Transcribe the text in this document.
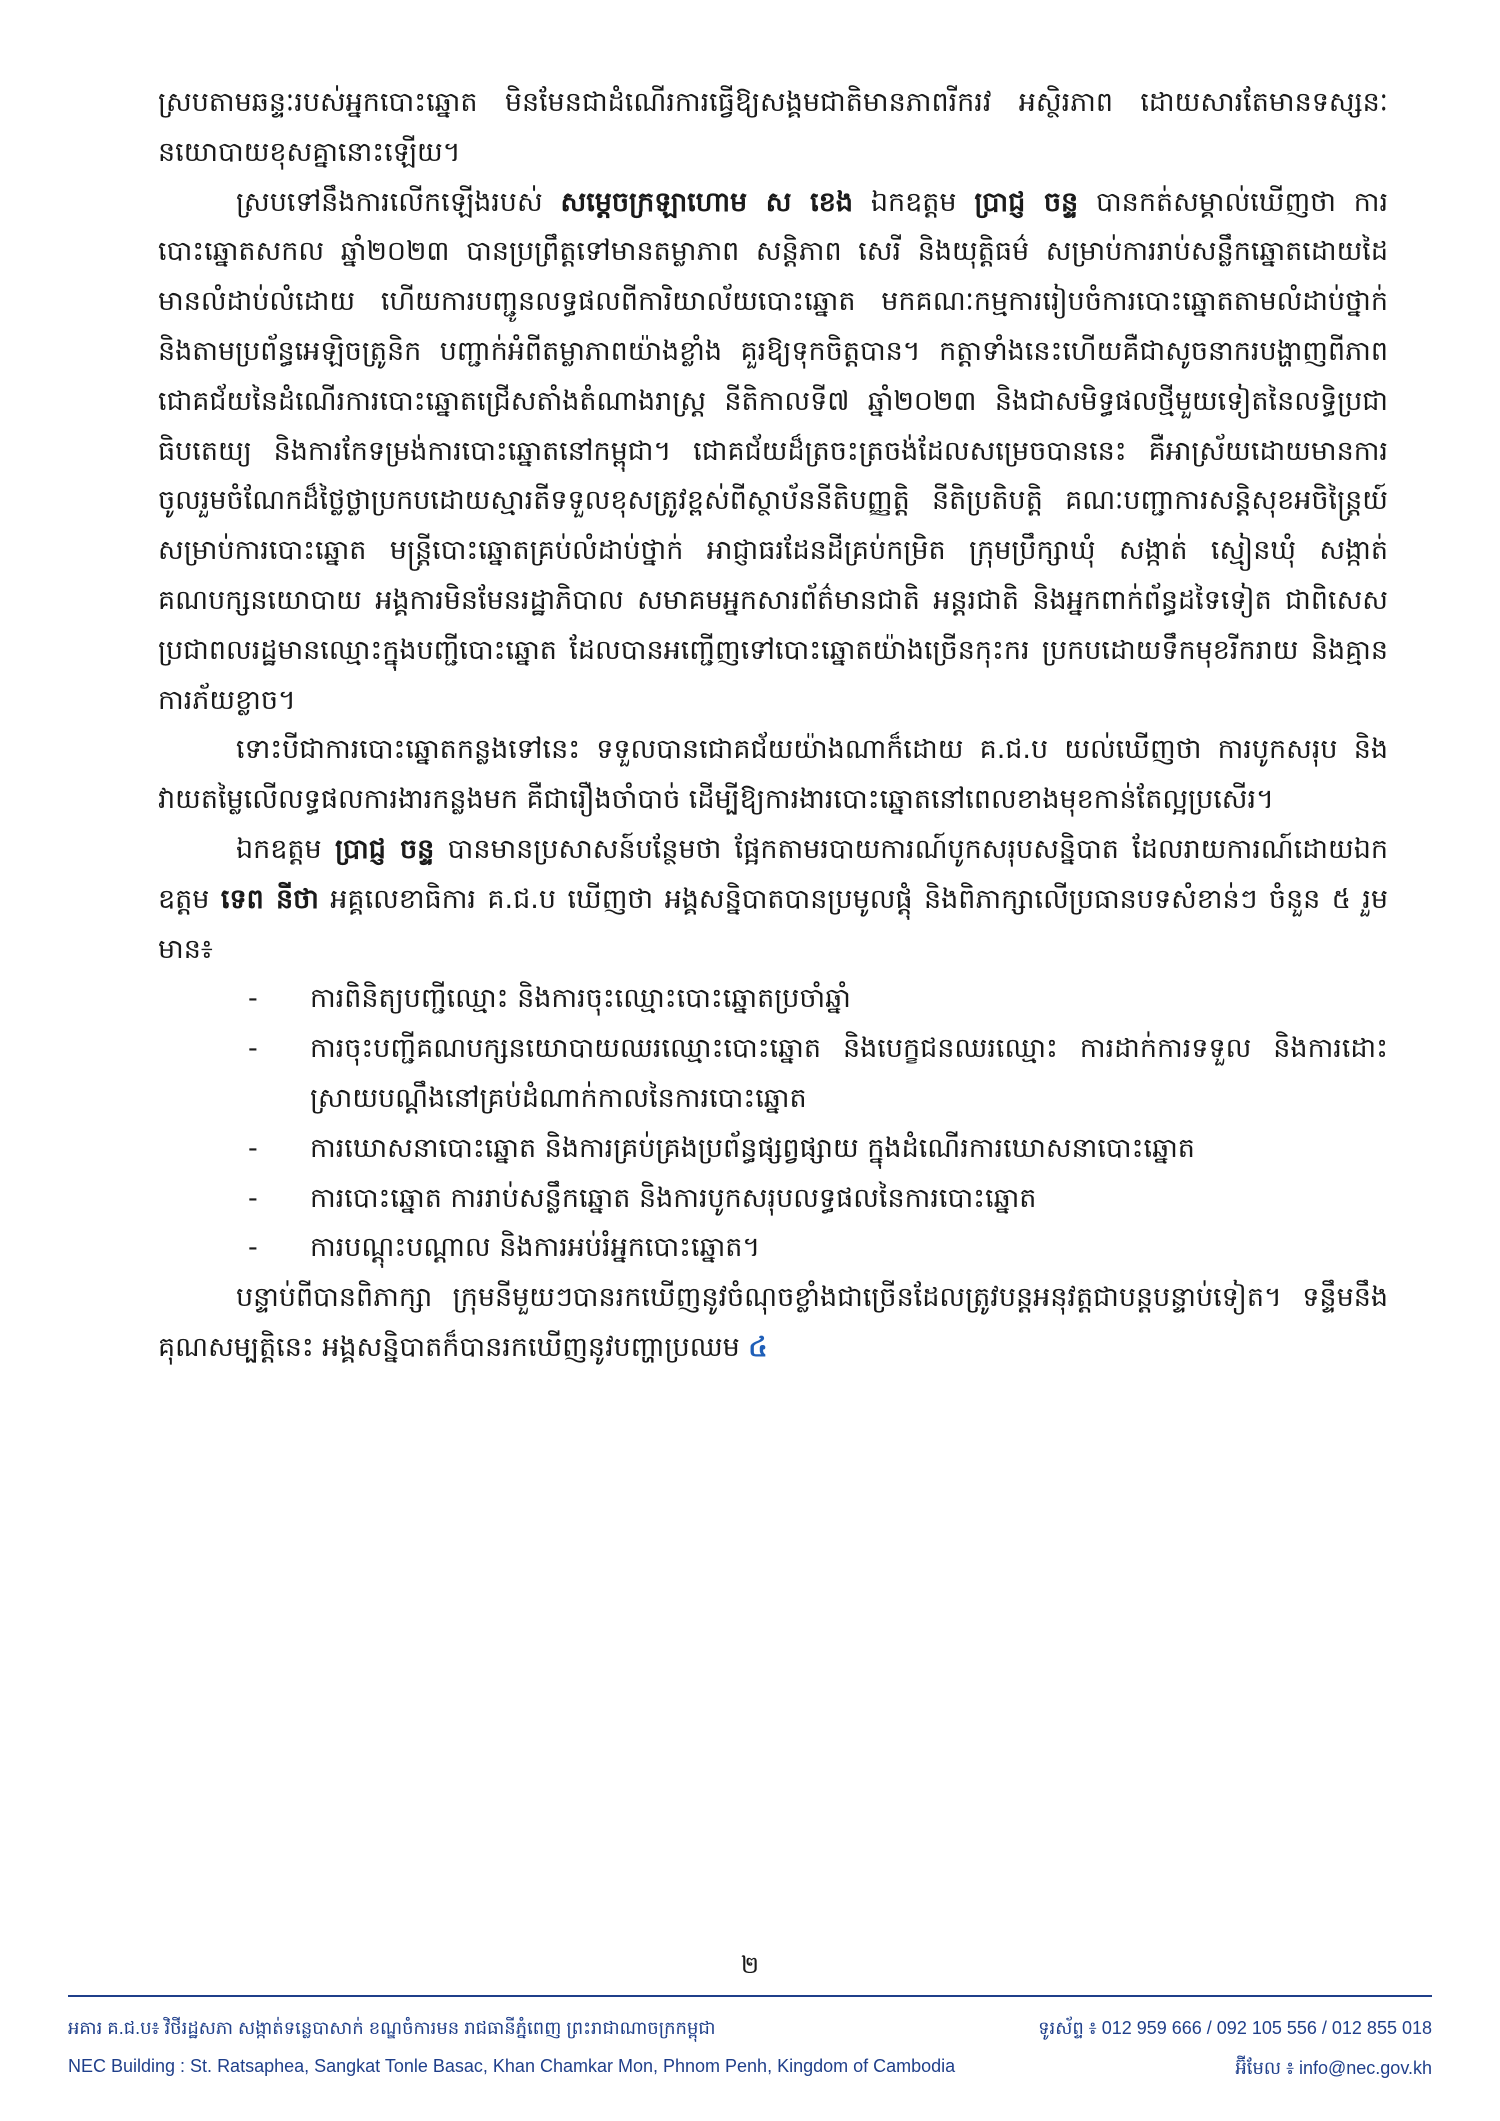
ស្របតាមឆន្ទៈរបស់អ្នកបោះឆ្នោត មិនមែនជាដំណើរការធ្វើឱ្យសង្គមជាតិមានភាពរីករវ អស្ថិរភាព ដោយសារតែមានទស្សនៈនយោបាយខុសគ្នានោះឡើយ។

ស្របទៅនឹងការលើកឡើងរបស់ សម្តេចក្រឡាហោម ស ខេង ឯកឧត្តម ប្រាជ្ញ ចន្ទ បានកត់សម្គាល់ឃើញថា ការបោះឆ្នោតសកល ឆ្នាំ២០២៣ បានប្រព្រឹត្តទៅមានតម្លាភាព សន្តិភាព សេរី និងយុត្តិធម៌ សម្រាប់ការរាប់សន្លឹកឆ្នោតដោយដៃ មានលំដាប់លំដោយ ហើយការបញ្ជូនលទ្ធផលពីការិយាល័យបោះឆ្នោត មកគណៈកម្មការរៀបចំការបោះឆ្នោតតាមលំដាប់ថ្នាក់ និងតាមប្រព័ន្ធអេឡិចត្រូនិក បញ្ជាក់អំពីតម្លាភាពយ៉ាងខ្លាំង គួរឱ្យទុកចិត្តបាន។ កត្តាទាំងនេះហើយគឺជាសូចនាករបង្ហាញពីភាពជោគជ័យនៃដំណើរការបោះឆ្នោតជ្រើសតាំងតំណាងរាស្ត្រ នីតិកាលទី៧ ឆ្នាំ២០២៣ និងជាសមិទ្ធផលថ្មីមួយទៀតនៃលទ្ធិប្រជាធិបតេយ្យ និងការកែទម្រង់ការបោះឆ្នោតនៅកម្ពុជា។ ជោគជ័យដ៏ត្រចះត្រចង់ដែលសម្រេចបាននេះ គឺអាស្រ័យដោយមានការចូលរួមចំណែកដ៏ថ្លៃថ្លាប្រកបដោយស្មារតីទទួលខុសត្រូវខ្ពស់ពីស្ថាប័ននីតិបញ្ញត្តិ នីតិប្រតិបត្តិ គណៈបញ្ជាការសន្តិសុខអចិន្ត្រៃយ៍សម្រាប់ការបោះឆ្នោត មន្ត្រីបោះឆ្នោតគ្រប់លំដាប់ថ្នាក់ អាជ្ញាធរដែនដីគ្រប់កម្រិត ក្រុមប្រឹក្សាឃុំ សង្កាត់ ស្មៀនឃុំ សង្កាត់ គណបក្សនយោបាយ អង្គការមិនមែនរដ្ឋាភិបាល សមាគមអ្នកសារព័ត៌មានជាតិ អន្តរជាតិ និងអ្នកពាក់ព័ន្ធដទៃទៀត ជាពិសេសប្រជាពលរដ្ឋមានឈ្មោះក្នុងបញ្ជីបោះឆ្នោត ដែលបានអញ្ជើញទៅបោះឆ្នោតយ៉ាងច្រើនកុះករ ប្រកបដោយទឹកមុខរីករាយ និងគ្មានការភ័យខ្លាច។

ទោះបីជាការបោះឆ្នោតកន្លងទៅនេះ ទទួលបានជោគជ័យយ៉ាងណាក៏ដោយ គ.ជ.ប យល់ឃើញថា ការបូកសរុប និងវាយតម្លៃលើលទ្ធផលការងារកន្លងមក គឺជារឿងចាំបាច់ ដើម្បីឱ្យការងារបោះឆ្នោតនៅពេលខាងមុខកាន់តែល្អប្រសើរ។

ឯកឧត្តម ប្រាជ្ញ ចន្ទ បានមានប្រសាសន៍បន្ថែមថា ផ្អែកតាមរបាយការណ៍បូកសរុបសន្និបាត ដែលរាយការណ៍ដោយឯកឧត្តម ទេព នីថា អគ្គលេខាធិការ គ.ជ.ប ឃើញថា អង្គសន្និបាតបានប្រមូលផ្តុំ និងពិភាក្សាលើប្រធានបទសំខាន់ៗ ចំនួន ៥ រួមមាន៖

- ការពិនិត្យបញ្ជីឈ្មោះ និងការចុះឈ្មោះបោះឆ្នោតប្រចាំឆ្នាំ
- ការចុះបញ្ជីគណបក្សនយោបាយឈរឈ្មោះបោះឆ្នោត និងបេក្ខជនឈរឈ្មោះ ការដាក់ការទទួល និងការដោះស្រាយបណ្តឹងនៅគ្រប់ដំណាក់កាលនៃការបោះឆ្នោត
- ការឃោសនាបោះឆ្នោត និងការគ្រប់គ្រងប្រព័ន្ធផ្សព្វផ្សាយ ក្នុងដំណើរការឃោសនាបោះឆ្នោត
- ការបោះឆ្នោត ការរាប់សន្លឹកឆ្នោត និងការបូកសរុបលទ្ធផលនៃការបោះឆ្នោត
- ការបណ្តុះបណ្តាល និងការអប់រំអ្នកបោះឆ្នោត។

បន្ទាប់ពីបានពិភាក្សា ក្រុមនីមួយៗបានរកឃើញនូវចំណុចខ្លាំងជាច្រើនដែលត្រូវបន្តអនុវត្តជាបន្តបន្ទាប់ទៀត។ ទន្ទឹមនឹងគុណសម្បត្តិនេះ អង្គសន្និបាតក៏បានរកឃើញនូវបញ្ហាប្រឈម ៤

២
អគារ គ.ជ.ប៖ វិថីរដ្ឋសភា សង្កាត់ទន្លេបាសាក់ ខណ្ឌចំការមន រាជធានីភ្នំពេញ ព្រះរាជាណាចក្រកម្ពុជា	ទូរស័ព្ទ ៖ 012 959 666 / 092 105 556 / 012 855 018
NEC Building : St. Ratsaphea, Sangkat Tonle Basac, Khan Chamkar Mon, Phnom Penh, Kingdom of Cambodia	អ៊ីមែល ៖ info@nec.gov.kh
